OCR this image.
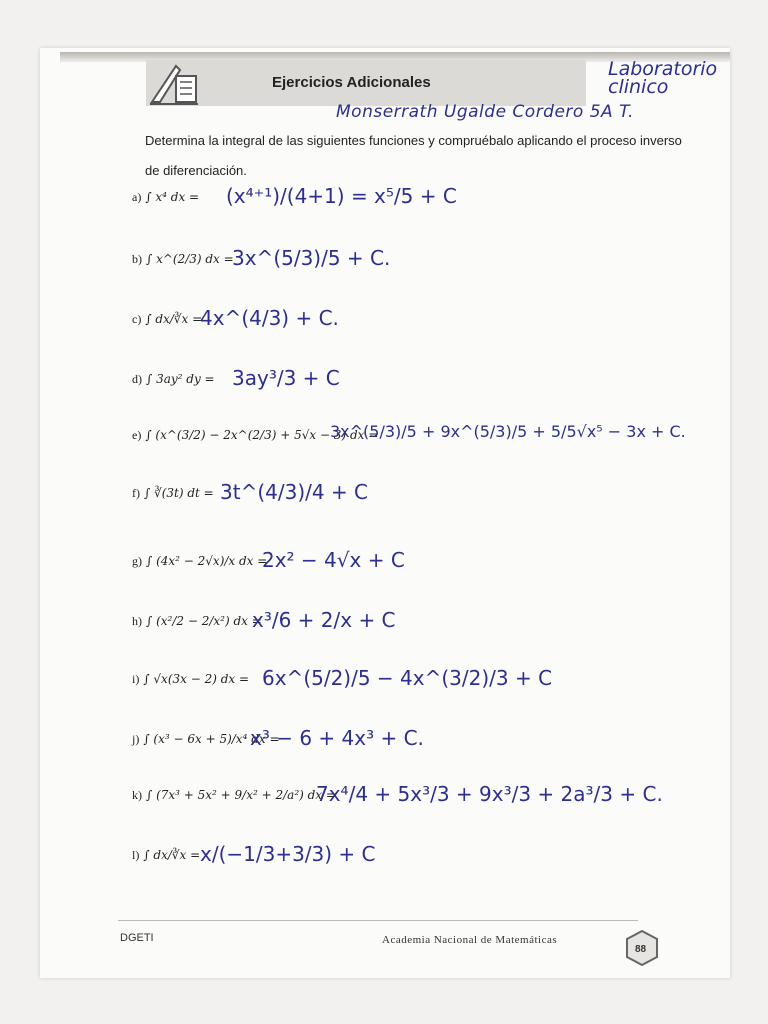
Ejercicios Adicionales
Laboratorio
clinico
Monserrath Ugalde Cordero 5A T.
Determina la integral de las siguientes funciones y compruébalo aplicando el proceso inverso de diferenciación.
a) ∫ x⁴ dx = (x⁴⁺¹)/(4+1) = x⁵/5 + C
b) ∫ x^(2/3) dx =
3x^(5/3)/5 + C.
c) ∫ dx/∛x =
4x^(4/3) + C.
d) ∫ 3ay² dy = 3ay³/3 + C
e) ∫ (x^(3/2) − 2x^(2/3) + 5√x − 3) dx =
3x^(5/3)/5 + 9x^(5/3)/5 + 5/5√x⁵ − 3x + C.
f) ∫ ∛(3t) dt = 3t^(4/3)/4 + C
g) ∫ (4x² − 2√x)/x dx =
2x² − 4√x + C
h) ∫ (x²/2 − 2/x²) dx =
x³/6 + 2/x + C
i) ∫ √x(3x − 2) dx = 6x^(5/2)/5 − 4x^(3/2)/3 + C
j) ∫ (x³ − 6x + 5)/x⁴ dx =
x³ − 6 + 4x³ + C.
k) ∫ (7x³ + 5x² + 9/x² + 2/a²) dx =
7x⁴/4 + 5x³/3 + 9x³/3 + 2a³/3 + C.
l) ∫ dx/∛x = x/(−1/3+3/3) + C
DGETI	Academia Nacional de Matemáticas
88
